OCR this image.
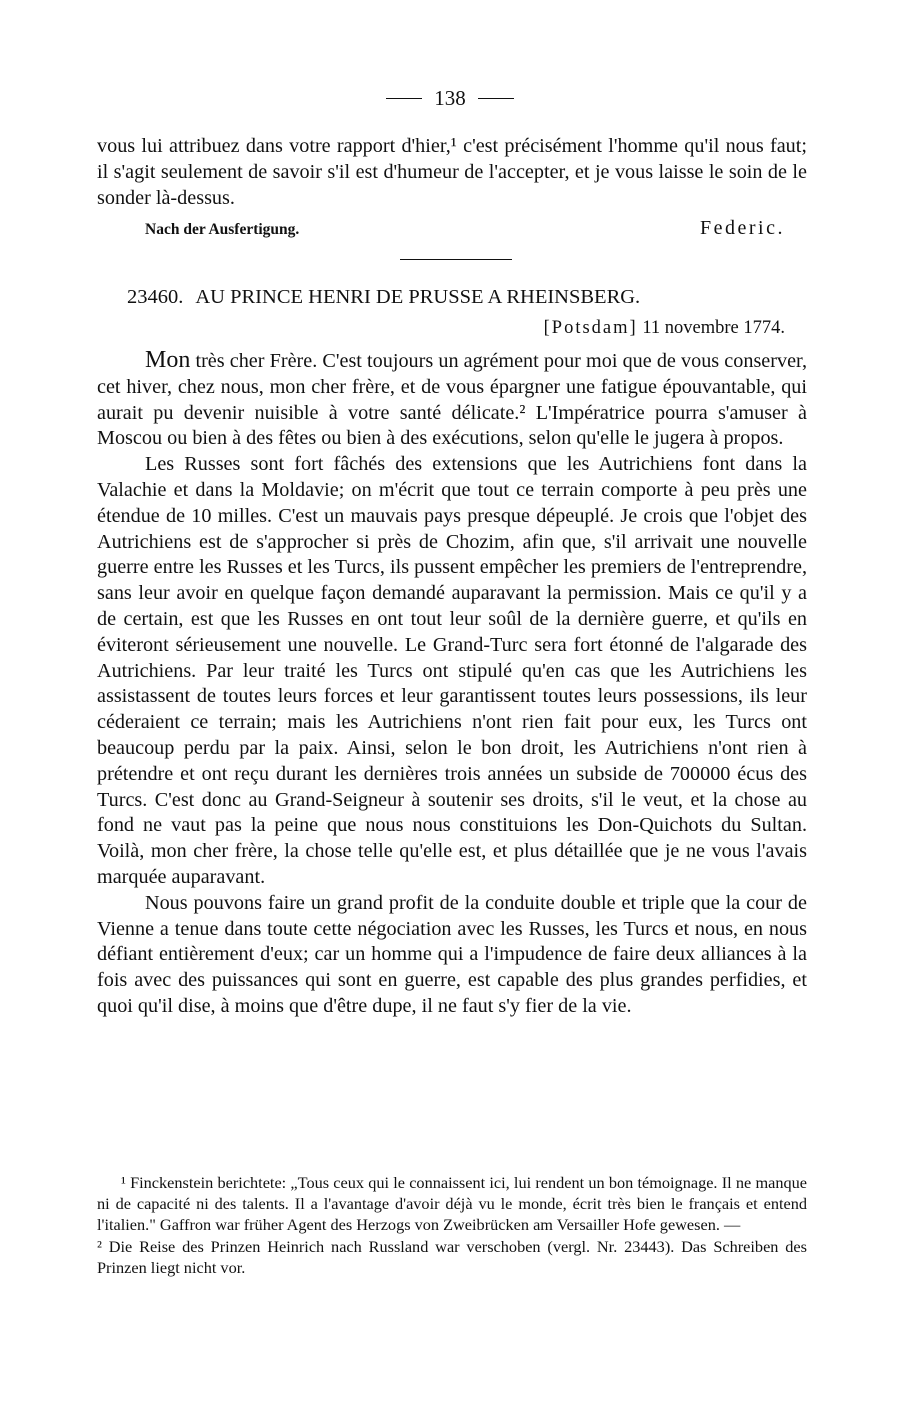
138

vous lui attribuez dans votre rapport d'hier,¹ c'est précisément l'homme qu'il nous faut; il s'agit seulement de savoir s'il est d'humeur de l'accepter, et je vous laisse le soin de le sonder là-dessus.

Nach der Ausfertigung.	Federic.
23460. AU PRINCE HENRI DE PRUSSE A RHEINSBERG.
[Potsdam] 11 novembre 1774.

Mon très cher Frère. C'est toujours un agrément pour moi que de vous conserver, cet hiver, chez nous, mon cher frère, et de vous épargner une fatigue épouvantable, qui aurait pu devenir nuisible à votre santé délicate.² L'Impératrice pourra s'amuser à Moscou ou bien à des fêtes ou bien à des exécutions, selon qu'elle le jugera à propos.

Les Russes sont fort fâchés des extensions que les Autrichiens font dans la Valachie et dans la Moldavie; on m'écrit que tout ce terrain comporte à peu près une étendue de 10 milles. C'est un mauvais pays presque dépeuplé. Je crois que l'objet des Autrichiens est de s'approcher si près de Chozim, afin que, s'il arrivait une nouvelle guerre entre les Russes et les Turcs, ils pussent empêcher les premiers de l'entreprendre, sans leur avoir en quelque façon demandé auparavant la permission. Mais ce qu'il y a de certain, est que les Russes en ont tout leur soûl de la dernière guerre, et qu'ils en éviteront sérieusement une nouvelle. Le Grand-Turc sera fort étonné de l'algarade des Autrichiens. Par leur traité les Turcs ont stipulé qu'en cas que les Autrichiens les assistassent de toutes leurs forces et leur garantissent toutes leurs possessions, ils leur céderaient ce terrain; mais les Autrichiens n'ont rien fait pour eux, les Turcs ont beaucoup perdu par la paix. Ainsi, selon le bon droit, les Autrichiens n'ont rien à prétendre et ont reçu durant les dernières trois années un subside de 700000 écus des Turcs. C'est donc au Grand-Seigneur à soutenir ses droits, s'il le veut, et la chose au fond ne vaut pas la peine que nous nous constituions les Don-Quichots du Sultan. Voilà, mon cher frère, la chose telle qu'elle est, et plus détaillée que je ne vous l'avais marquée auparavant.

Nous pouvons faire un grand profit de la conduite double et triple que la cour de Vienne a tenue dans toute cette négociation avec les Russes, les Turcs et nous, en nous défiant entièrement d'eux; car un homme qui a l'impudence de faire deux alliances à la fois avec des puissances qui sont en guerre, est capable des plus grandes perfidies, et quoi qu'il dise, à moins que d'être dupe, il ne faut s'y fier de la vie.

¹ Finckenstein berichtete: „Tous ceux qui le connaissent ici, lui rendent un bon témoignage. Il ne manque ni de capacité ni des talents. Il a l'avantage d'avoir déjà vu le monde, écrit très bien le français et entend l'italien." Gaffron war früher Agent des Herzogs von Zweibrücken am Versailler Hofe gewesen. —

² Die Reise des Prinzen Heinrich nach Russland war verschoben (vergl. Nr. 23443). Das Schreiben des Prinzen liegt nicht vor.
